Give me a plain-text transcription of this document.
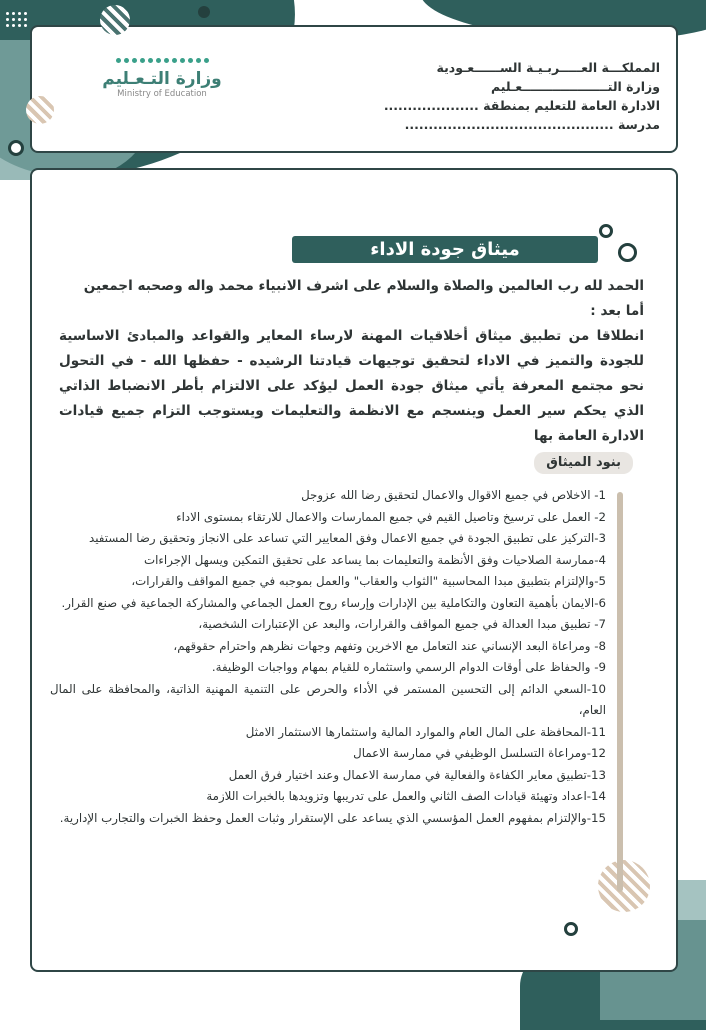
وزارة التـعـليم
Ministry of Education
المملكـــة العـــــربـيـة الســــــعـودية
وزارة التــــــــــــــــــــعـليم
الادارة العامة للتعليم بمنطقة ....................
مدرسة ............................................
ميثاق جودة الاداء

الحمد لله رب العالمين والصلاة والسلام على اشرف الانبياء محمد واله وصحبه اجمعين

أما بعد :

انطلاقا من تطبيق ميثاق أخلاقيات المهنة لارساء المعاير والقواعد والمبادئ الاساسية للجودة والتميز في الاداء لتحقيق توجيهات قيادتنا الرشيده - حفظها الله - في التحول نحو مجتمع المعرفة يأتي ميثاق جودة العمل ليؤكد على الالتزام بأطر الانضباط الذاتي الذي يحكم سير العمل وينسجم مع الانظمة والتعليمات ويستوجب التزام جميع قيادات الادارة العامة بها

بنود الميثاق
1- الاخلاص في جميع الاقوال والاعمال لتحقيق رضا الله عزوجل
2- العمل على ترسيخ وتاصيل القيم في جميع الممارسات والاعمال للارتقاء بمستوى الاداء
3-التركيز على تطبيق الجودة في جميع الاعمال وفق المعايير التي تساعد على الانجاز وتحقيق رضا المستفيد
4-ممارسة الصلاحيات وفق الأنظمة والتعليمات بما يساعد على تحقيق التمكين ويسهل الإجراءات
5-والإلتزام بتطبيق مبدا المحاسبية "الثواب والعقاب" والعمل بموجبه في جميع المواقف والقرارات،
6-الايمان بأهمية التعاون والتكاملية بين الإدارات وإرساء روح العمل الجماعي والمشاركة الجماعية في صنع القرار.
7- تطبيق مبدا العدالة في جميع المواقف والقرارات، والبعد عن الإعتبارات الشخصية،
8- ومراعاة البعد الإنساني عند التعامل مع الاخرين وتفهم وجهات نظرهم واحترام حقوقهم،
9- والحفاظ على أوقات الدوام الرسمي واستثماره للقيام بمهام وواجبات الوظيفة.
10-السعي الدائم إلى التحسين المستمر في الأداء والحرص على التنمية المهنية الذاتية، والمحافظة على المال العام،
11-المحافظة على المال العام والموارد المالية واستثمارها الاستثمار الامثل
12-ومراعاة التسلسل الوظيفي في ممارسة الاعمال
13-تطبيق معاير الكفاءة والفعالية في ممارسة الاعمال وعند اختيار فرق العمل
14-اعداد وتهيئة قيادات الصف الثاني والعمل على تدريبها وتزويدها بالخبرات اللازمة
15-والإلتزام بمفهوم العمل المؤسسي الذي يساعد على الإستقرار وثبات العمل وحفظ الخبرات والتجارب الإدارية.
